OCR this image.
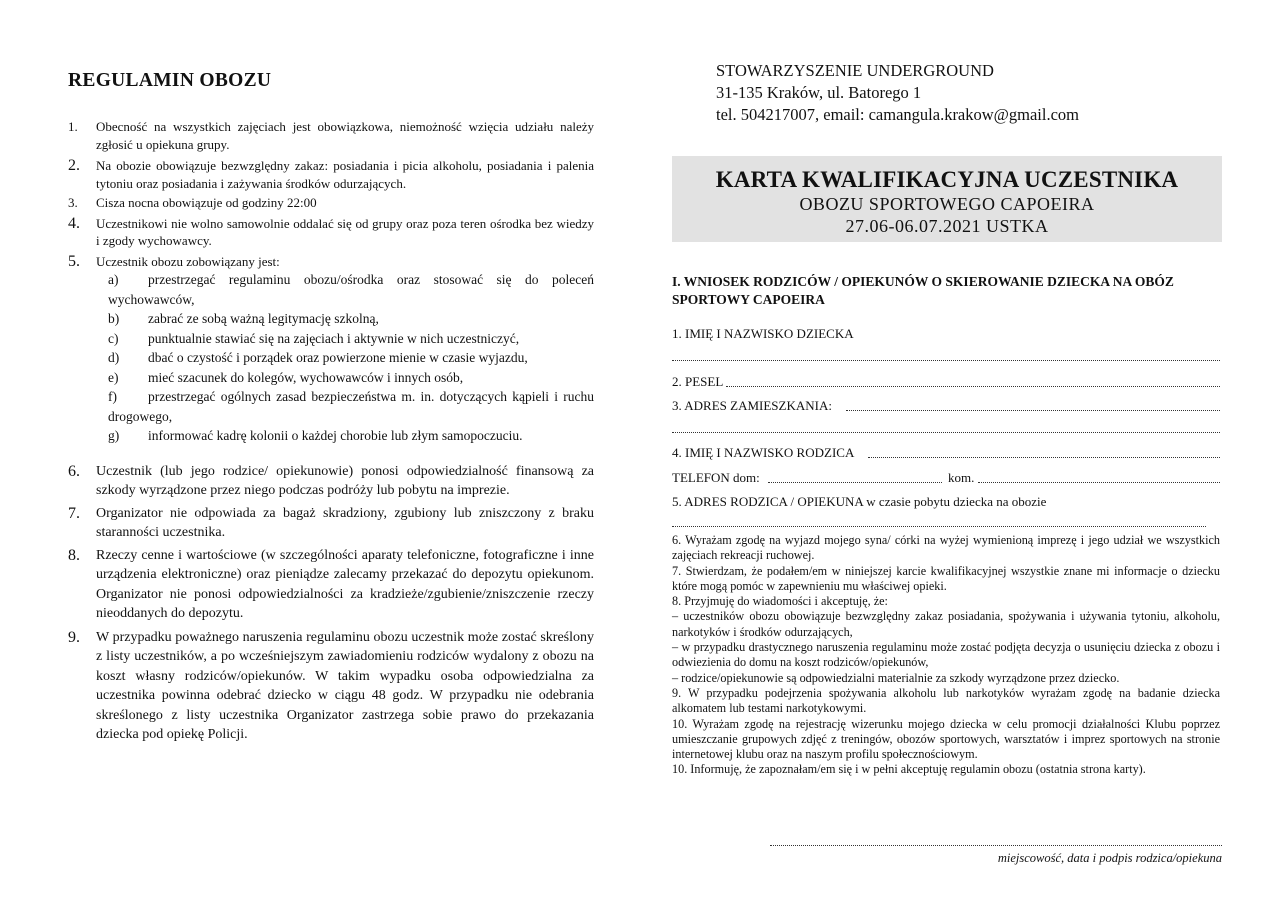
REGULAMIN OBOZU
1. Obecność na wszystkich zajęciach jest obowiązkowa, niemożność wzięcia udziału należy zgłosić u opiekuna grupy.
2. Na obozie obowiązuje bezwzględny zakaz: posiadania i picia alkoholu, posiadania i palenia tytoniu oraz posiadania i zażywania środków odurzających.
3. Cisza nocna obowiązuje od godziny 22:00
4. Uczestnikowi nie wolno samowolnie oddalać się od grupy oraz poza teren ośrodka bez wiedzy i zgody wychowawcy.
5. Uczestnik obozu zobowiązany jest:
a) przestrzegać regulaminu obozu/ośrodka oraz stosować się do poleceń wychowawców,
b) zabrać ze sobą ważną legitymację szkolną,
c) punktualnie stawiać się na zajęciach i aktywnie w nich uczestniczyć,
d) dbać o czystość i porządek oraz powierzone mienie w czasie wyjazdu,
e) mieć szacunek do kolegów, wychowawców i innych osób,
f) przestrzegać ogólnych zasad bezpieczeństwa m. in. dotyczących kąpieli i ruchu drogowego,
g) informować kadrę kolonii o każdej chorobie lub złym samopoczuciu.
6. Uczestnik (lub jego rodzice/ opiekunowie) ponosi odpowiedzialność finansową za szkody wyrządzone przez niego podczas podróży lub pobytu na imprezie.
7. Organizator nie odpowiada za bagaż skradziony, zgubiony lub zniszczony z braku staranności uczestnika.
8. Rzeczy cenne i wartościowe (w szczególności aparaty telefoniczne, fotograficzne i inne urządzenia elektroniczne) oraz pieniądze zalecamy przekazać do depozytu opiekunom. Organizator nie ponosi odpowiedzialności za kradzieże/zgubienie/zniszczenie rzeczy nieoddanych do depozytu.
9. W przypadku poważnego naruszenia regulaminu obozu uczestnik może zostać skreślony z listy uczestników, a po wcześniejszym zawiadomieniu rodziców wydalony z obozu na koszt własny rodziców/opiekunów. W takim wypadku osoba odpowiedzialna za uczestnika powinna odebrać dziecko w ciągu 48 godz. W przypadku nie odebrania skreślonego z listy uczestnika Organizator zastrzega sobie prawo do przekazania dziecka pod opiekę Policji.
STOWARZYSZENIE UNDERGROUND
31-135 Kraków, ul. Batorego 1
tel. 504217007, email: camangula.krakow@gmail.com
KARTA KWALIFIKACYJNA UCZESTNIKA
OBOZU SPORTOWEGO CAPOEIRA
27.06-06.07.2021 USTKA
I. WNIOSEK RODZICÓW / OPIEKUNÓW O SKIEROWANIE DZIECKA NA OBÓZ SPORTOWY CAPOEIRA
1. IMIĘ I NAZWISKO DZIECKA
2. PESEL
3. ADRES ZAMIESZKANIA:
4. IMIĘ I NAZWISKO RODZICA
TELEFON dom:	kom.
5. ADRES RODZICA / OPIEKUNA w czasie pobytu dziecka na obozie

6. Wyrażam zgodę na wyjazd mojego syna/ córki na wyżej wymienioną imprezę i jego udział we wszystkich zajęciach rekreacji ruchowej.

7. Stwierdzam, że podałem/em w niniejszej karcie kwalifikacyjnej wszystkie znane mi informacje o dziecku które mogą pomóc w zapewnieniu mu właściwej opieki.

8. Przyjmuję do wiadomości i akceptuję, że:

– uczestników obozu obowiązuje bezwzględny zakaz posiadania, spożywania i używania tytoniu, alkoholu, narkotyków i środków odurzających,

– w przypadku drastycznego naruszenia regulaminu może zostać podjęta decyzja o usunięciu dziecka z obozu i odwiezienia do domu na koszt rodziców/opiekunów,

– rodzice/opiekunowie są odpowiedzialni materialnie za szkody wyrządzone przez dziecko.

9. W przypadku podejrzenia spożywania alkoholu lub narkotyków wyrażam zgodę na badanie dziecka alkomatem lub testami narkotykowymi.

10. Wyrażam zgodę na rejestrację wizerunku mojego dziecka w celu promocji działalności Klubu poprzez umieszczanie grupowych zdjęć z treningów, obozów sportowych, warsztatów i imprez sportowych na stronie internetowej klubu oraz na naszym profilu społecznościowym.

10. Informuję, że zapoznałam/em się i w pełni akceptuję regulamin obozu (ostatnia strona karty).

miejscowość, data i podpis rodzica/opiekuna
